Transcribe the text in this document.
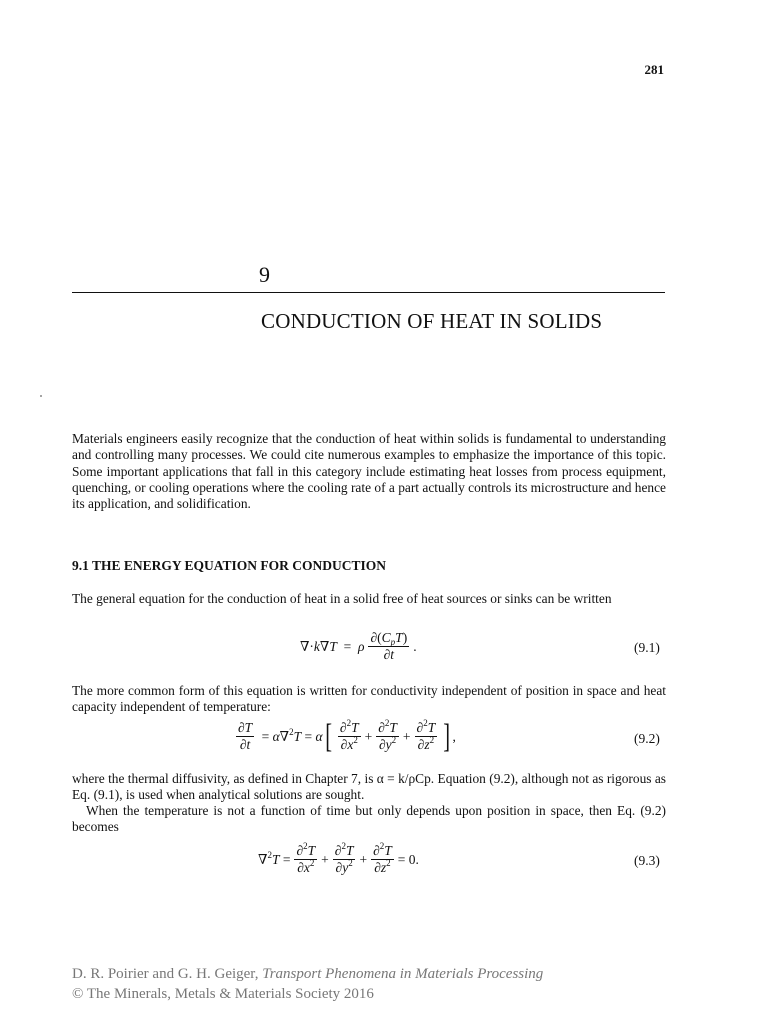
281
9
CONDUCTION OF HEAT IN SOLIDS
Materials engineers easily recognize that the conduction of heat within solids is fundamental to understanding and controlling many processes. We could cite numerous examples to emphasize the importance of this topic. Some important applications that fall in this category include estimating heat losses from process equipment, quenching, or cooling operations where the cooling rate of a part actually controls its microstructure and hence its application, and solidification.
9.1 THE ENERGY EQUATION FOR CONDUCTION
The general equation for the conduction of heat in a solid free of heat sources or sinks can be written
∇·k∇T  =  ρ $\frac{\partial(C_pT)}{\partial t}$ .	(9.1)
The more common form of this equation is written for conductivity independent of position in space and heat capacity independent of temperature:
$\frac{\partial T}{\partial t} = \alpha\nabla^2T = \alpha$ [ $\frac{\partial^2T}{\partial x^2} + \frac{\partial^2T}{\partial y^2} + \frac{\partial^2T}{\partial z^2}$ ] ,	(9.2)
where the thermal diffusivity, as defined in Chapter 7, is α = k/ρCp. Equation (9.2), although not as rigorous as Eq. (9.1), is used when analytical solutions are sought.
When the temperature is not a function of time but only depends upon position in space, then Eq. (9.2) becomes
$\nabla^2T = \frac{\partial^2T}{\partial x^2} + \frac{\partial^2T}{\partial y^2} + \frac{\partial^2T}{\partial z^2} = 0$.	(9.3)
D. R. Poirier and G. H. Geiger, Transport Phenomena in Materials Processing
© The Minerals, Metals & Materials Society 2016
